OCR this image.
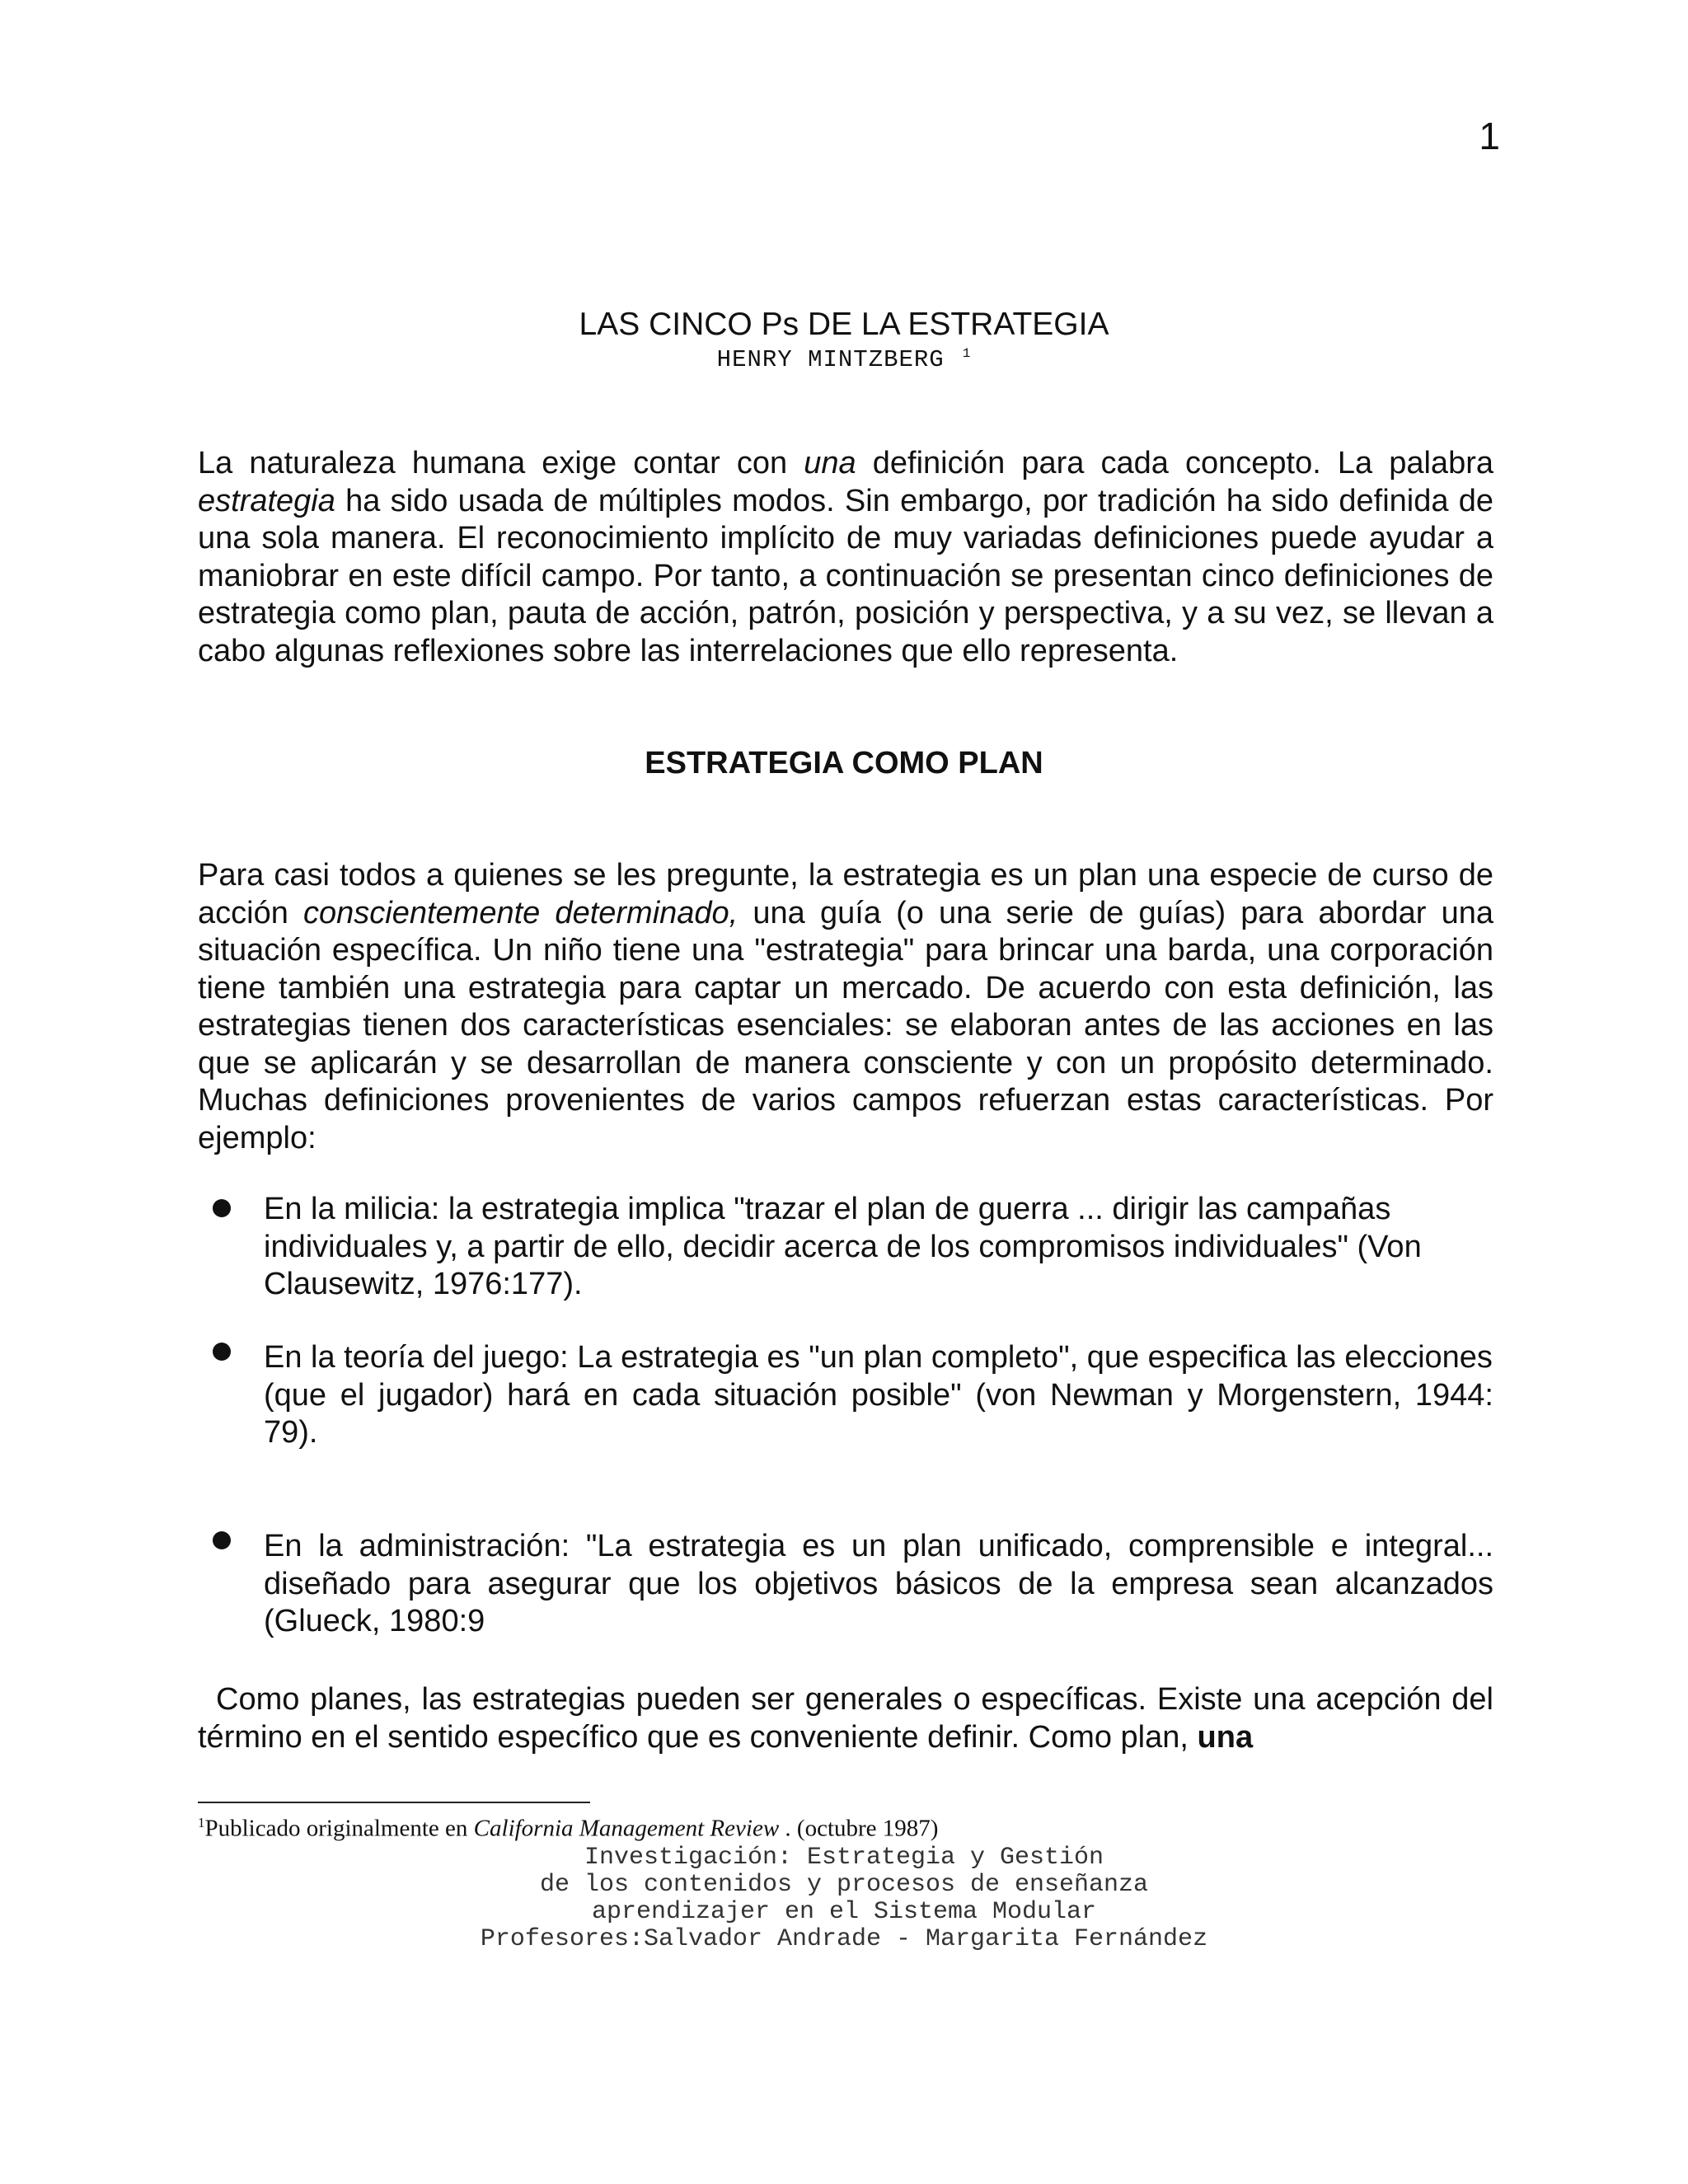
1
LAS CINCO Ps DE LA ESTRATEGIA
HENRY MINTZBERG $^1$
La naturaleza humana exige contar con una definición para cada concepto. La palabra estrategia ha sido usada de múltiples modos. Sin embargo, por tradición ha sido definida de una sola manera. El reconocimiento implícito de muy variadas definiciones puede ayudar a maniobrar en este difícil campo. Por tanto, a continuación se presentan cinco definiciones de estrategia como plan, pauta de acción, patrón, posición y perspectiva, y a su vez, se llevan a cabo algunas reflexiones sobre las interrelaciones que ello representa.
ESTRATEGIA COMO PLAN
Para casi todos a quienes se les pregunte, la estrategia es un plan una especie de curso de acción conscientemente determinado, una guía (o una serie de guías) para abordar una situación específica. Un niño tiene una "estrategia" para brincar una barda, una corporación tiene también una estrategia para captar un mercado. De acuerdo con esta definición, las estrategias tienen dos características esenciales: se elaboran antes de las acciones en las que se aplicarán y se desarrollan de manera consciente y con un propósito determinado. Muchas definiciones provenientes de varios campos refuerzan estas características. Por ejemplo:
En la milicia: la estrategia implica "trazar el plan de guerra ... dirigir las campañas individuales y, a partir de ello, decidir acerca de los compromisos individuales" (Von Clausewitz, 1976:177).
En la teoría del juego: La estrategia es "un plan completo", que especifica las elecciones
(que el jugador) hará en cada situación posible" (von Newman y Morgenstern, 1944: 79).
En la administración: "La estrategia es un plan unificado, comprensible e integral... diseñado para asegurar que los objetivos básicos de la empresa sean alcanzados (Glueck, 1980:9
Como planes, las estrategias pueden ser generales o específicas. Existe una acepción del término en el sentido específico que es conveniente definir. Como plan, una
$^1$Publicado originalmente en California Management Review . (octubre 1987)
Investigación: Estrategia y Gestión
de los contenidos y procesos de enseñanza
aprendizajer en el Sistema Modular
Profesores:Salvador Andrade - Margarita Fernández
